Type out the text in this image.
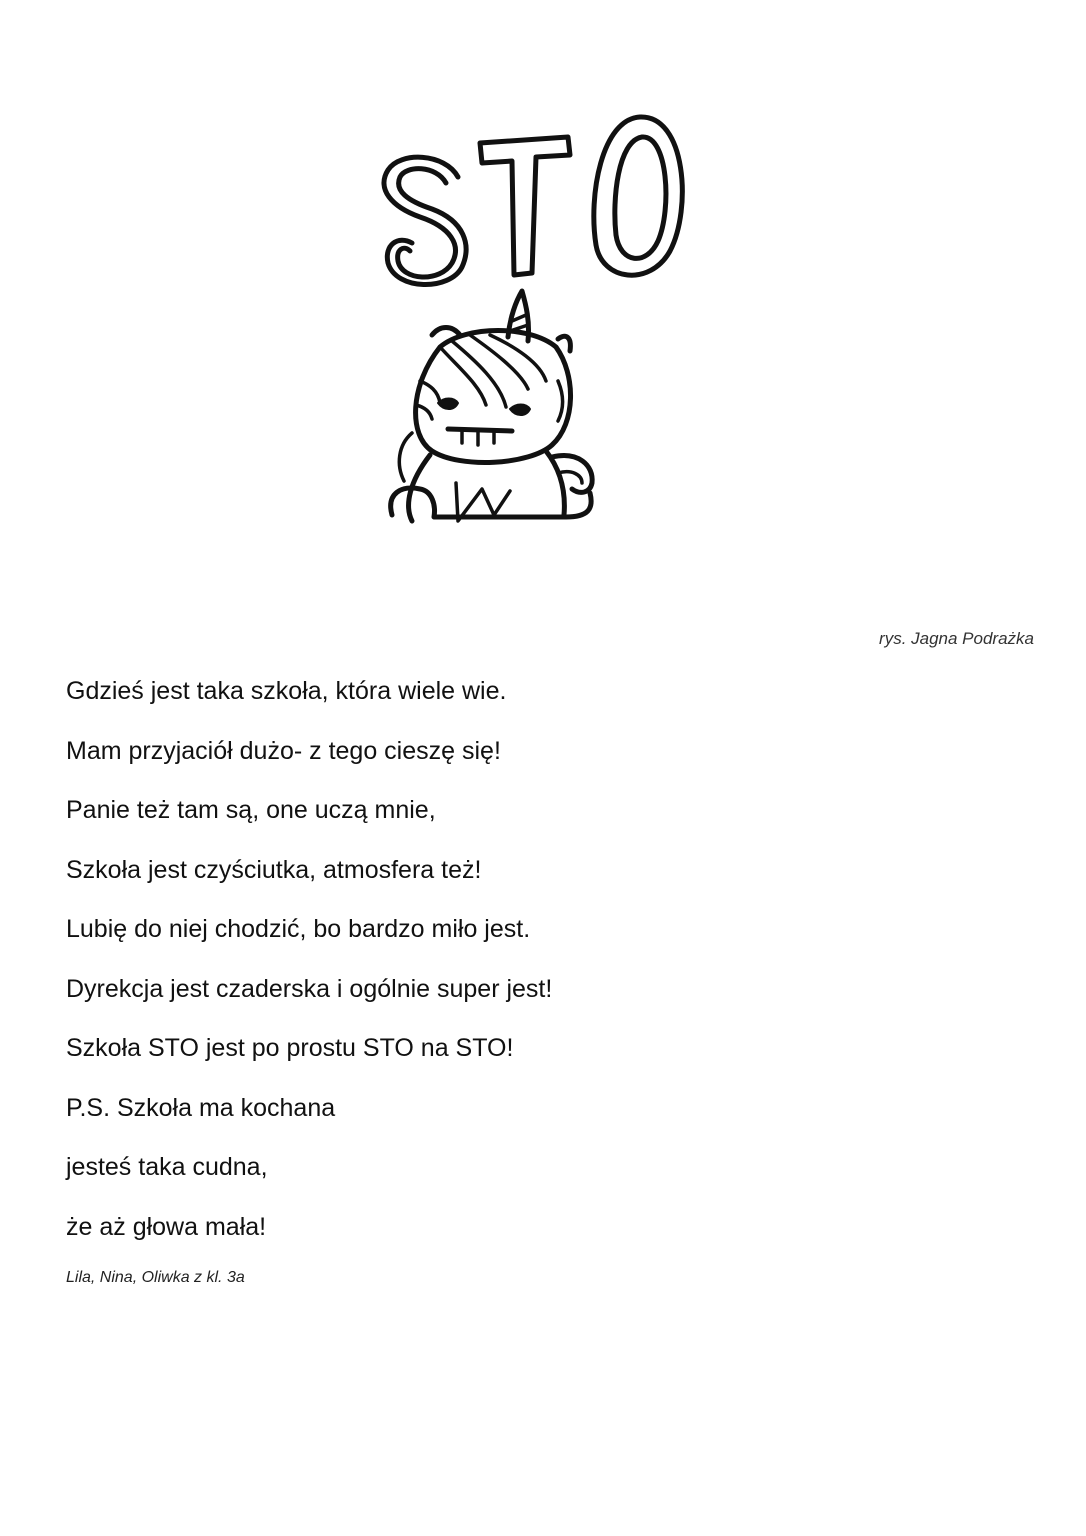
rys. Jagna Podrażka

Gdzieś jest taka szkoła, która wiele wie.
Mam przyjaciół dużo- z tego cieszę się!
Panie też tam są, one uczą mnie,
Szkoła jest czyściutka, atmosfera też!
Lubię do niej chodzić, bo bardzo miło jest.
Dyrekcja jest czaderska i ogólnie super jest!
Szkoła STO jest po prostu STO na STO!
P.S. Szkoła ma kochana
jesteś taka cudna,
że aż głowa mała!

Lila, Nina, Oliwka z kl. 3a
